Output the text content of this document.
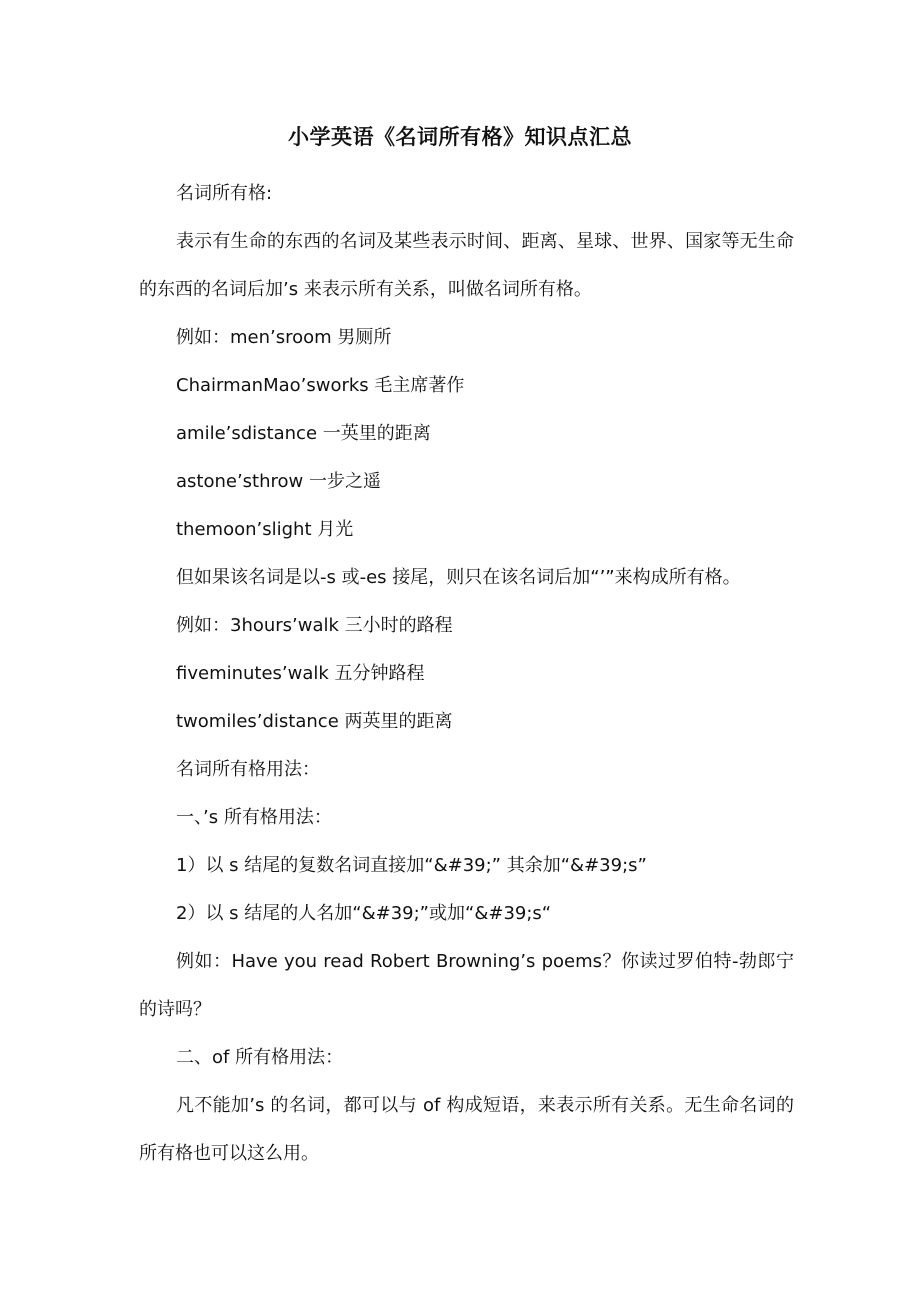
小学英语《名词所有格》知识点汇总

名词所有格:

表示有生命的东西的名词及某些表示时间、距离、星球、世界、国家等无生命的东西的名词后加’s 来表示所有关系，叫做名词所有格。

例如：men’sroom 男厕所

ChairmanMao’sworks 毛主席著作

amile’sdistance 一英里的距离

astone’sthrow 一步之遥

themoon’slight 月光

但如果该名词是以-s 或-es 接尾，则只在该名词后加“’”来构成所有格。

例如：3hours’walk 三小时的路程

fiveminutes’walk 五分钟路程

twomiles’distance 两英里的距离

名词所有格用法：

一、’s 所有格用法：

1）以 s 结尾的复数名词直接加“&#39;” 其余加“&#39;s”

2）以 s 结尾的人名加“&#39;”或加“&#39;s“

例如：Have you read Robert Browning’s poems？你读过罗伯特-勃郎宁的诗吗？

二、of 所有格用法：

凡不能加’s 的名词，都可以与 of 构成短语，来表示所有关系。无生命名词的所有格也可以这么用。
